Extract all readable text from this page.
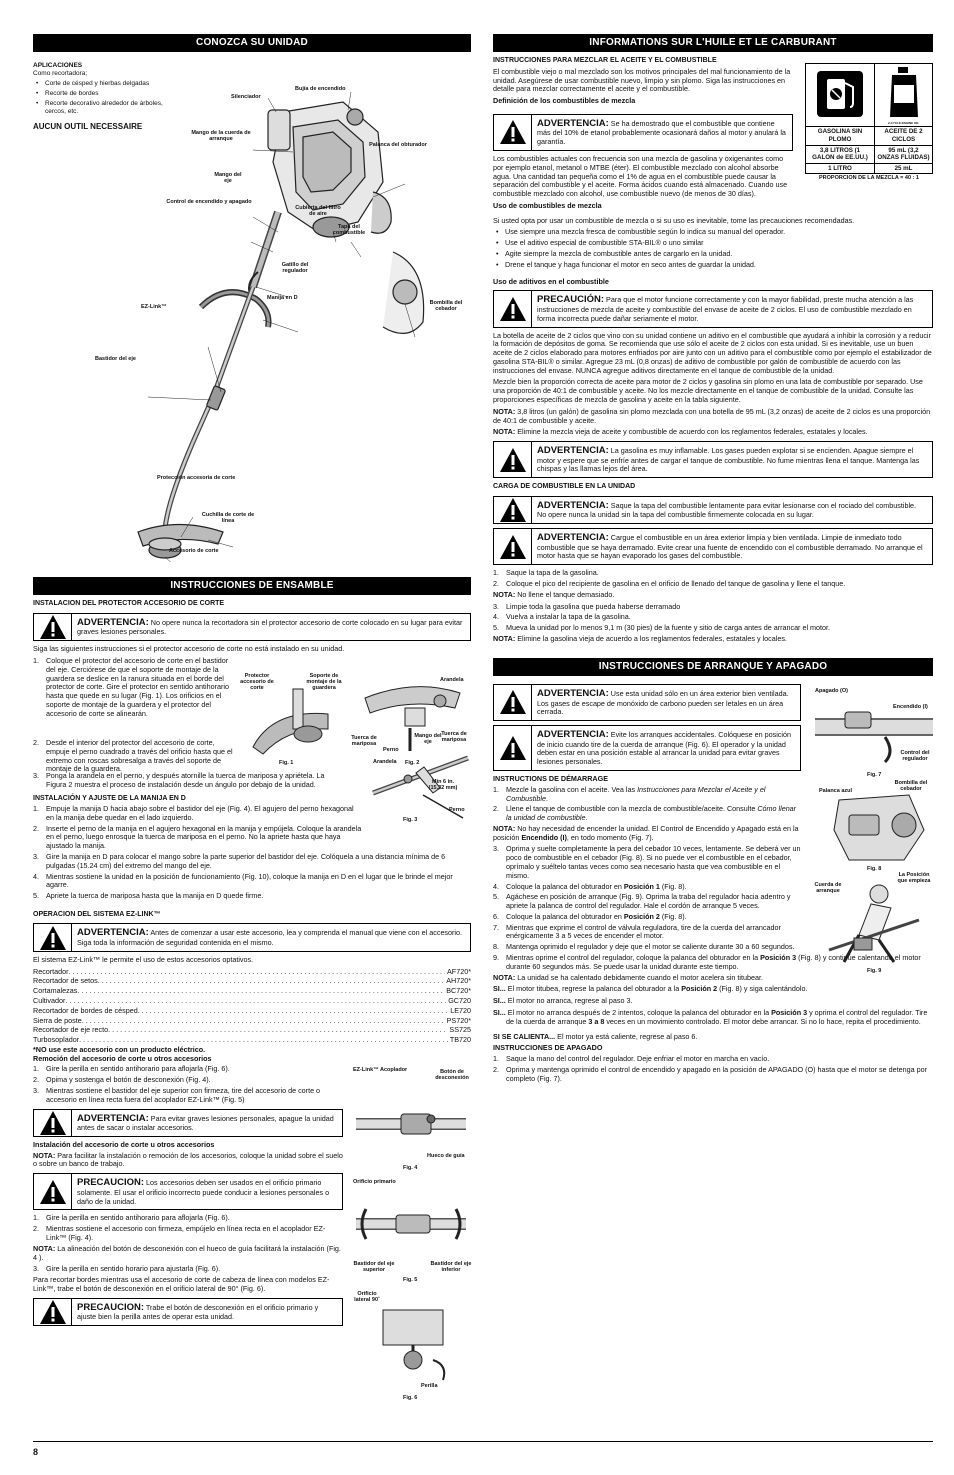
CONOZCA SU UNIDAD
APLICACIONES
Como recortadora;
• Corte de césped y hierbas delgadas
• Recorte de bordes
• Recorte decorativo alrededor de árboles, cercos, etc.
AUCUN OUTIL NECESSAIRE
Silenciador
Bujía de encendido
Mango de la cuerda de arranque
Palanca del obturador
Mango del eje
Control de encendido y apagado
Cubierta del filtro de aire
Tapa del combustible
Gatillo del regulador
Manija en D
Bombilla del cebador
EZ-Link™
Bastidor del eje
Protección accesoria de corte
Cuchilla de corte de línea
Accesorio de corte
INSTRUCCIONES DE ENSAMBLE
INSTALACION DEL PROTECTOR ACCESORIO DE CORTE
ADVERTENCIA: No opere nunca la recortadora sin el protector accesorio de corte colocado en su lugar para evitar graves lesiones personales.

Siga las siguientes instrucciones si el protector accesorio de corte no está instalado en su unidad.

1. Coloque el protector del accesorio de corte en el bastidor del eje. Cerciórese de que el soporte de montaje de la guardera se deslice en la ranura situada en el borde del protector de corte. Gire el protector en sentido antihorario hasta que quede en su lugar (Fig. 1). Los orificios en el soporte de montaje de la guardera y el protector del accesorio de corte se alinearán.
2. Desde el interior del protector del accesorio de corte, empuje el perno cuadrado a través del orificio hasta que el extremo con roscas sobresalga a través del soporte de montaje de la guardera.
Protector accesorio de corte
Soporte de montaje de la guardera
Fig. 1
Arandela
Perno
Tuerca de mariposa
Fig. 2
3. Ponga la arandela en el perno, y después atornille la tuerca de mariposa y apriétela. La Figura 2 muestra el proceso de instalación desde un ángulo por debajo de la unidad.
INSTALACIÓN Y AJUSTE DE LA MANIJA EN D
1. Empuje la manija D hacia abajo sobre el bastidor del eje (Fig. 4). El agujero del perno hexagonal en la manija debe quedar en el lado izquierdo.
2. Inserte el perno de la manija en el agujero hexagonal en la manija y empújela. Coloque la arandela en el perno, luego enrosque la tuerca de mariposa en el perno. No la apriete hasta que haya ajustado la manija.
3. Gire la manija en D para colocar el mango sobre la parte superior del bastidor del eje. Colóquela a una distancia mínima de 6 pulgadas (15.24 cm) del extremo del mango del eje.
4. Mientras sostiene la unidad en la posición de funcionamiento (Fig. 10), coloque la manija en D en el lugar que le brinde el mejor agarre.
5. Apriete la tuerca de mariposa hasta que la manija en D quede firme.
Tuerca de mariposa
Mango del eje
Arandela
Mín 6 in. (15.32 mm)
Perno
Fig. 3
OPERACION DEL SISTEMA EZ-LINK™
ADVERTENCIA: Antes de comenzar a usar este accesorio, lea y comprenda el manual que viene con el accesorio. Siga toda la información de seguridad contenida en el mismo.

El sistema EZ-Link™ le permite el uso de estos accesorios optativos.

Recortador . . .	AF720*
Recortador de setos . . .	AH720*
Cortamalezas . . .	BC720*
Cultivador . . .	GC720
Recortador de bordes de césped . . .	LE720
Sierra de poste . . .	PS720*
Recortador de eje recto . . .	SS725
Turbosoplador . . .	TB720
*NO use este accesorio con un producto eléctrico.
Remoción del accesorio de corte u otros accesorios
1. Gire la perilla en sentido antihorario para aflojarla (Fig. 6).
2. Opima y sostenga el botón de desconexión (Fig. 4).
3. Mientras sostiene el bastidor del eje superior con firmeza, tire del accesorio de corte o accesorio en línea recta fuera del acoplador EZ-Link™ (Fig. 5)
ADVERTENCIA: Para evitar graves lesiones personales, apague la unidad antes de sacar o instalar accesorios.
Instalación del accesorio de corte u otros accesorios

NOTA: Para facilitar la instalación o remoción de los accesorios, coloque la unidad sobre el suelo o sobre un banco de trabajo.

PRECAUCION: Los accesorios deben ser usados en el orificio primario solamente. El usar el orificio incorrecto puede conducir a lesiones personales o daño de la unidad.
1. Gire la perilla en sentido antihorario para aflojarla (Fig. 6).
2. Mientras sostiene el accesorio con firmeza, empújelo en línea recta en el acoplador EZ-Link™ (Fig. 4).

NOTA: La alineación del botón de desconexión con el hueco de guía facilitará la instalación (Fig. 4 ).

3. Gire la perilla en sentido horario para ajustarla (Fig. 6).

Para recortar bordes mientras usa el accesorio de corte de cabeza de línea con modelos EZ-Link™, trabe el botón de desconexión en el orificio lateral de 90° (Fig. 6).

PRECAUCION: Trabe el botón de desconexión en el orificio primario y ajuste bien la perilla antes de operar esta unidad.
EZ-Link™ Acoplador	Botón de desconexión
Hueco de guía
Fig. 4
Orificio primario
Bastidor del eje superior
Bastidor del eje inferior
Fig. 5
Orificio lateral 90˚
Perilla
Fig. 6
INFORMATIONS SUR L'HUILE ET LE CARBURANT
INSTRUCCIONES PARA MEZCLAR EL ACEITE Y EL COMBUSTIBLE

El combustible viejo o mal mezclado son los motivos principales del mal funcionamiento de la unidad. Asegúrese de usar combustible nuevo, limpio y sin plomo. Siga las instrucciones en detalle para mezclar correctamente el aceite y el combustible.

Definición de los combustibles de mezcla
ADVERTENCIA: Se ha demostrado que el combustible que contiene más del 10% de etanol probablemente ocasionará daños al motor y anulará la garantía.

2-CYCLE ENGINE OIL

GASOLINA SIN PLOMO	ACEITE DE 2 CICLOS
3,8 LITROS (1 GALON de EE.UU.)	95 mL (3,2 ONZAS FLUIDAS)
1 LITRO	25 mL
PROPORCION DE LA MEZCLA = 40 : 1

Los combustibles actuales con frecuencia son una mezcla de gasolina y oxigenantes como por ejemplo etanol, metanol o MTBE (éter). El combustible mezclado con alcohol absorbe agua. Una cantidad tan pequeña como el 1% de agua en el combustible puede causar la separación del combustible y el aceite. Forma ácidos cuando está almacenado. Cuando use combustible mezclado con alcohol, use combustible nuevo (de menos de 30 días).

Uso de combustibles de mezcla

Si usted opta por usar un combustible de mezcla o si su uso es inevitable, tome las precauciones recomendadas.

• Use siempre una mezcla fresca de combustible según lo indica su manual del operador.
• Use el aditivo especial de combustible STA-BIL® o uno similar
• Agite siempre la mezcla de combustible antes de cargarlo en la unidad.
• Drene el tanque y haga funcionar el motor en seco antes de guardar la unidad.
Uso de aditivos en el combustible
PRECAUCIÓN: Para que el motor funcione correctamente y con la mayor fiabilidad, preste mucha atención a las instrucciones de mezcla de aceite y combustible del envase de aceite de 2 ciclos. El uso de combustible mezclado en forma incorrecta puede dañar seriamente el motor.

La botella de aceite de 2 ciclos que vino con su unidad contiene un aditivo en el combustible que ayudará a inhibir la corrosión y a reducir la formación de depósitos de goma. Se recomienda que use sólo el aceite de 2 ciclos con esta unidad. Si es inevitable, use un buen aceite de 2 ciclos elaborado para motores enfriados por aire junto con un aditivo para el combustible como por ejemplo el estabilizador de gasolina STA-BIL® o similar. Agregue 23 mL (0,8 onzas) de aditivo de combustible por galón de combustible de acuerdo con las instrucciones del envase. NUNCA agregue aditivos directamente en el tanque de combustible de la unidad.

Mezcle bien la proporción correcta de aceite para motor de 2 ciclos y gasolina sin plomo en una lata de combustible por separado. Use una proporción de 40:1 de combustible y aceite. No los mezcle directamente en el tanque de combustible de la unidad. Consulte las proporciones específicas de mezcla de gasolina y aceite en la tabla siguiente.

NOTA: 3,8 litros (un galón) de gasolina sin plomo mezclada con una botella de 95 mL (3,2 onzas) de aceite de 2 ciclos es una proporción de 40:1 de combustible y aceite.

NOTA: Elimine la mezcla vieja de aceite y combustible de acuerdo con los reglamentos federales, estatales y locales.

ADVERTENCIA: La gasolina es muy inflamable. Los gases pueden explotar si se encienden. Apague siempre el motor y espere que se enfríe antes de cargar el tanque de combustible. No fume mientras llena el tanque. Mantenga las chispas y las llamas lejos del área.
CARGA DE COMBUSTIBLE EN LA UNIDAD
ADVERTENCIA: Saque la tapa del combustible lentamente para evitar lesionarse con el rociado del combustible. No opere nunca la unidad sin la tapa del combustible firmemente colocada en su lugar.
ADVERTENCIA: Cargue el combustible en un área exterior limpia y bien ventilada. Limpie de inmediato todo combustible que se haya derramado. Evite crear una fuente de encendido con el combustible derramado. No arranque el motor hasta que se hayan evaporado los gases del combustible.
1. Saque la tapa de la gasolina.
2. Coloque el pico del recipiente de gasolina en el orificio de llenado del tanque de gasolina y llene el tanque.

NOTA: No llene el tanque demasiado.

3. Limpie toda la gasolina que pueda haberse derramado
4. Vuelva a instalar la tapa de la gasolina.
5. Mueva la unidad por lo menos 9,1 m (30 pies) de la fuente y sitio de carga antes de arrancar el motor.

NOTA: Elimine la gasolina vieja de acuerdo a los reglamentos federales, estatales y locales.

INSTRUCCIONES DE ARRANQUE Y APAGADO
ADVERTENCIA: Use esta unidad sólo en un área exterior bien ventilada. Los gases de escape de monóxido de carbono pueden ser letales en un área cerrada.
ADVERTENCIA: Evite los arranques accidentales. Colóquese en posición de inicio cuando tire de la cuerda de arranque (Fig. 6). El operador y la unidad deben estar en una posición estable al arrancar la unidad para evitar graves lesiones personales.
INSTRUCTIONS DE DÉMARRAGE
1. Mezcle la gasolina con el aceite. Vea las Instrucciones para Mezclar el Aceite y el Combustible.
2. Llene el tanque de combustible con la mezcla de combustible/aceite. Consulte Cómo llenar la unidad de combustible.

NOTA: No hay necesidad de encender la unidad. El Control de Encendido y Apagado está en la posición Encendido (I), en todo momento (Fig. 7).

3. Oprima y suelte completamente la pera del cebador 10 veces, lentamente. Se deberá ver un poco de combustible en el cebador (Fig. 8). Si no puede ver el combustible en el cebador, oprímalo y suéltelo tantas veces como sea necesario hasta que vea combustible en el mismo.
4. Coloque la palanca del obturador en Posición 1 (Fig. 8).
5. Agáchese en posición de arranque (Fig. 9). Oprima la traba del regulador hacia adentro y apriete la palanca de control del regulador. Hale el cordón de arranque 5 veces.
6. Coloque la palanca del obturador en Posición 2 (Fig. 8).
7. Mientras que exprime el control de válvula reguladora, tire de la cuerda del arrancador enérgicamente 3 a 5 veces de encender el motor.
8. Mantenga oprimido el regulador y deje que el motor se caliente durante 30 a 60 segundos.
Apagado (O)
Encendido (I)
Control del regulador
Fig. 7
Palanca azul
Bombilla del cebador
Fig. 8
Cuerda de arranque
La Posición que empieza
Fig. 9
9. Mientras oprime el control del regulador, coloque la palanca del obturador en la Posición 3 (Fig. 8) y continúe calentando el motor durante 60 segundos más. Se puede usar la unidad durante este tiempo.

NOTA: La unidad se ha calentado debidamente cuando el motor acelera sin titubear.

SI... El motor titubea, regrese la palanca del obturador a la Posición 2 (Fig. 8) y siga calentándolo.

SI... El motor no arranca, regrese al paso 3.

SI... El motor no arranca después de 2 intentos, coloque la palanca del obturador en la Posición 3 y oprima el control del regulador. Tire de la cuerda de arranque 3 a 8 veces en un movimiento controlado. El motor debe arrancar. Si no lo hace, repita el procedimiento.

SI SE CALIENTA... El motor ya está caliente, regrese al paso 6.

INSTRUCCIONES DE APAGADO
1. Saque la mano del control del regulador. Deje enfriar el motor en marcha en vacío.
2. Oprima y mantenga oprimido el control de encendido y apagado en la posición de APAGADO (O) hasta que el motor se detenga por completo (Fig. 7).
8
